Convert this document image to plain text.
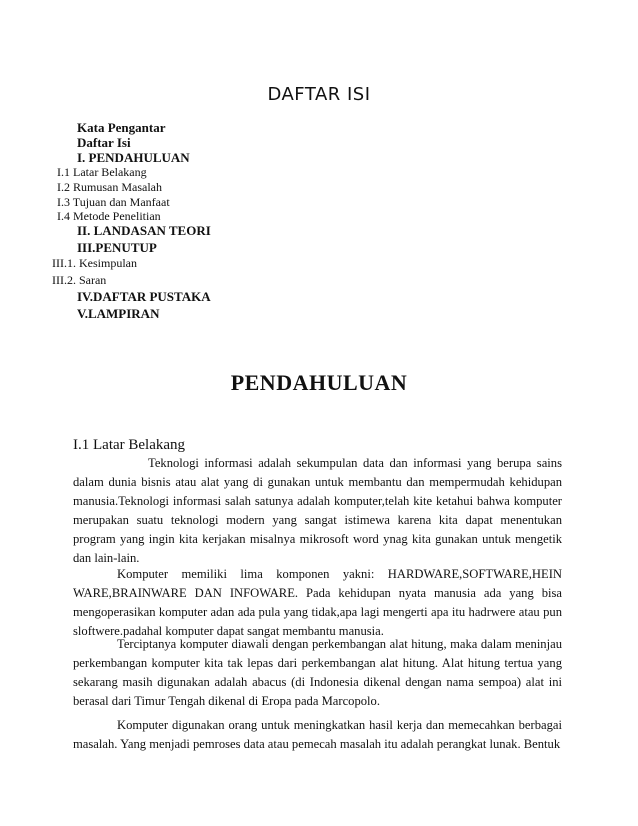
DAFTAR ISI
Kata Pengantar
Daftar Isi
I. PENDAHULUAN
I.1 Latar Belakang
I.2 Rumusan Masalah
I.3 Tujuan dan Manfaat
I.4 Metode Penelitian
II. LANDASAN TEORI
III.PENUTUP
III.1. Kesimpulan
III.2. Saran
IV.DAFTAR PUSTAKA
V.LAMPIRAN
PENDAHULUAN
I.1 Latar Belakang

Teknologi informasi adalah sekumpulan data dan informasi yang berupa sains dalam dunia bisnis atau alat yang di gunakan untuk membantu dan mempermudah kehidupan manusia.Teknologi informasi salah satunya adalah komputer,telah kite ketahui bahwa komputer merupakan suatu teknologi modern yang sangat istimewa karena kita dapat menentukan program yang ingin kita kerjakan misalnya mikrosoft word ynag kita gunakan untuk mengetik dan lain-lain.

Komputer memiliki lima komponen yakni: HARDWARE,SOFTWARE,HEIN WARE,BRAINWARE DAN INFOWARE. Pada kehidupan nyata manusia ada yang bisa mengoperasikan komputer adan ada pula yang tidak,apa lagi mengerti apa itu hadrwere atau pun sloftwere.padahal komputer dapat sangat membantu manusia.

Terciptanya komputer diawali dengan perkembangan alat hitung, maka dalam meninjau perkembangan komputer kita tak lepas dari perkembangan alat hitung. Alat hitung tertua yang sekarang masih digunakan adalah abacus (di Indonesia dikenal dengan nama sempoa) alat ini berasal dari Timur Tengah dikenal di Eropa pada Marcopolo.

Komputer digunakan orang untuk meningkatkan hasil kerja dan memecahkan berbagai masalah. Yang menjadi pemroses data atau pemecah masalah itu adalah perangkat lunak. Bentuk
